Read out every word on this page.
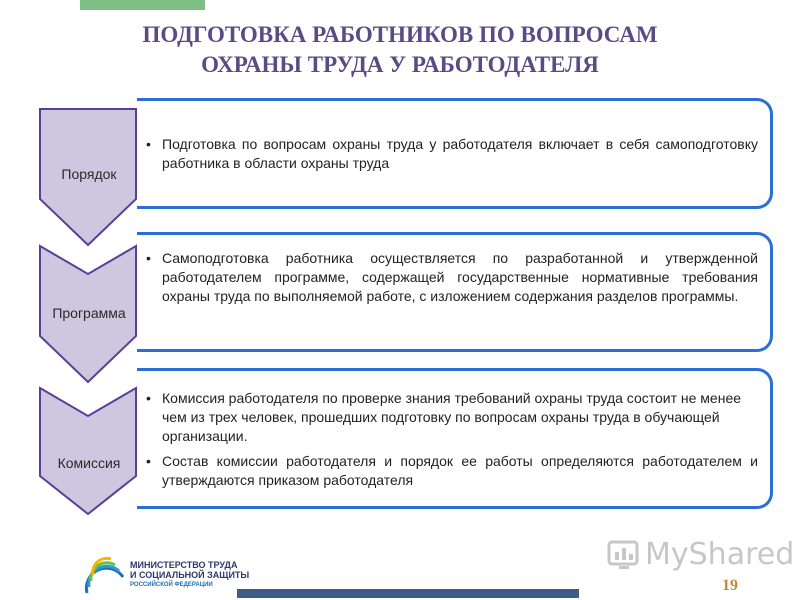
ПОДГОТОВКА РАБОТНИКОВ ПО ВОПРОСАМ
ОХРАНЫ ТРУДА У РАБОТОДАТЕЛЯ
Порядок
• Подготовка по вопросам охраны труда у работодателя включает в себя самоподготовку работника в области охраны труда
Программа
• Самоподготовка работника осуществляется по разработанной и утвержденной работодателем программе, содержащей государственные нормативные требования охраны труда по выполняемой работе, с изложением содержания разделов программы.
Комиссия
• Комиссия работодателя по проверке знания требований охраны труда состоит не менее чем из трех человек, прошедших подготовку по вопросам охраны труда в обучающей организации.
• Состав комиссии работодателя и порядок ее работы определяются работодателем и утверждаются приказом работодателя
МИНИСТЕРСТВО ТРУДА
И СОЦИАЛЬНОЙ ЗАЩИТЫ
РОССИЙСКОЙ ФЕДЕРАЦИИ	19
MyShared
